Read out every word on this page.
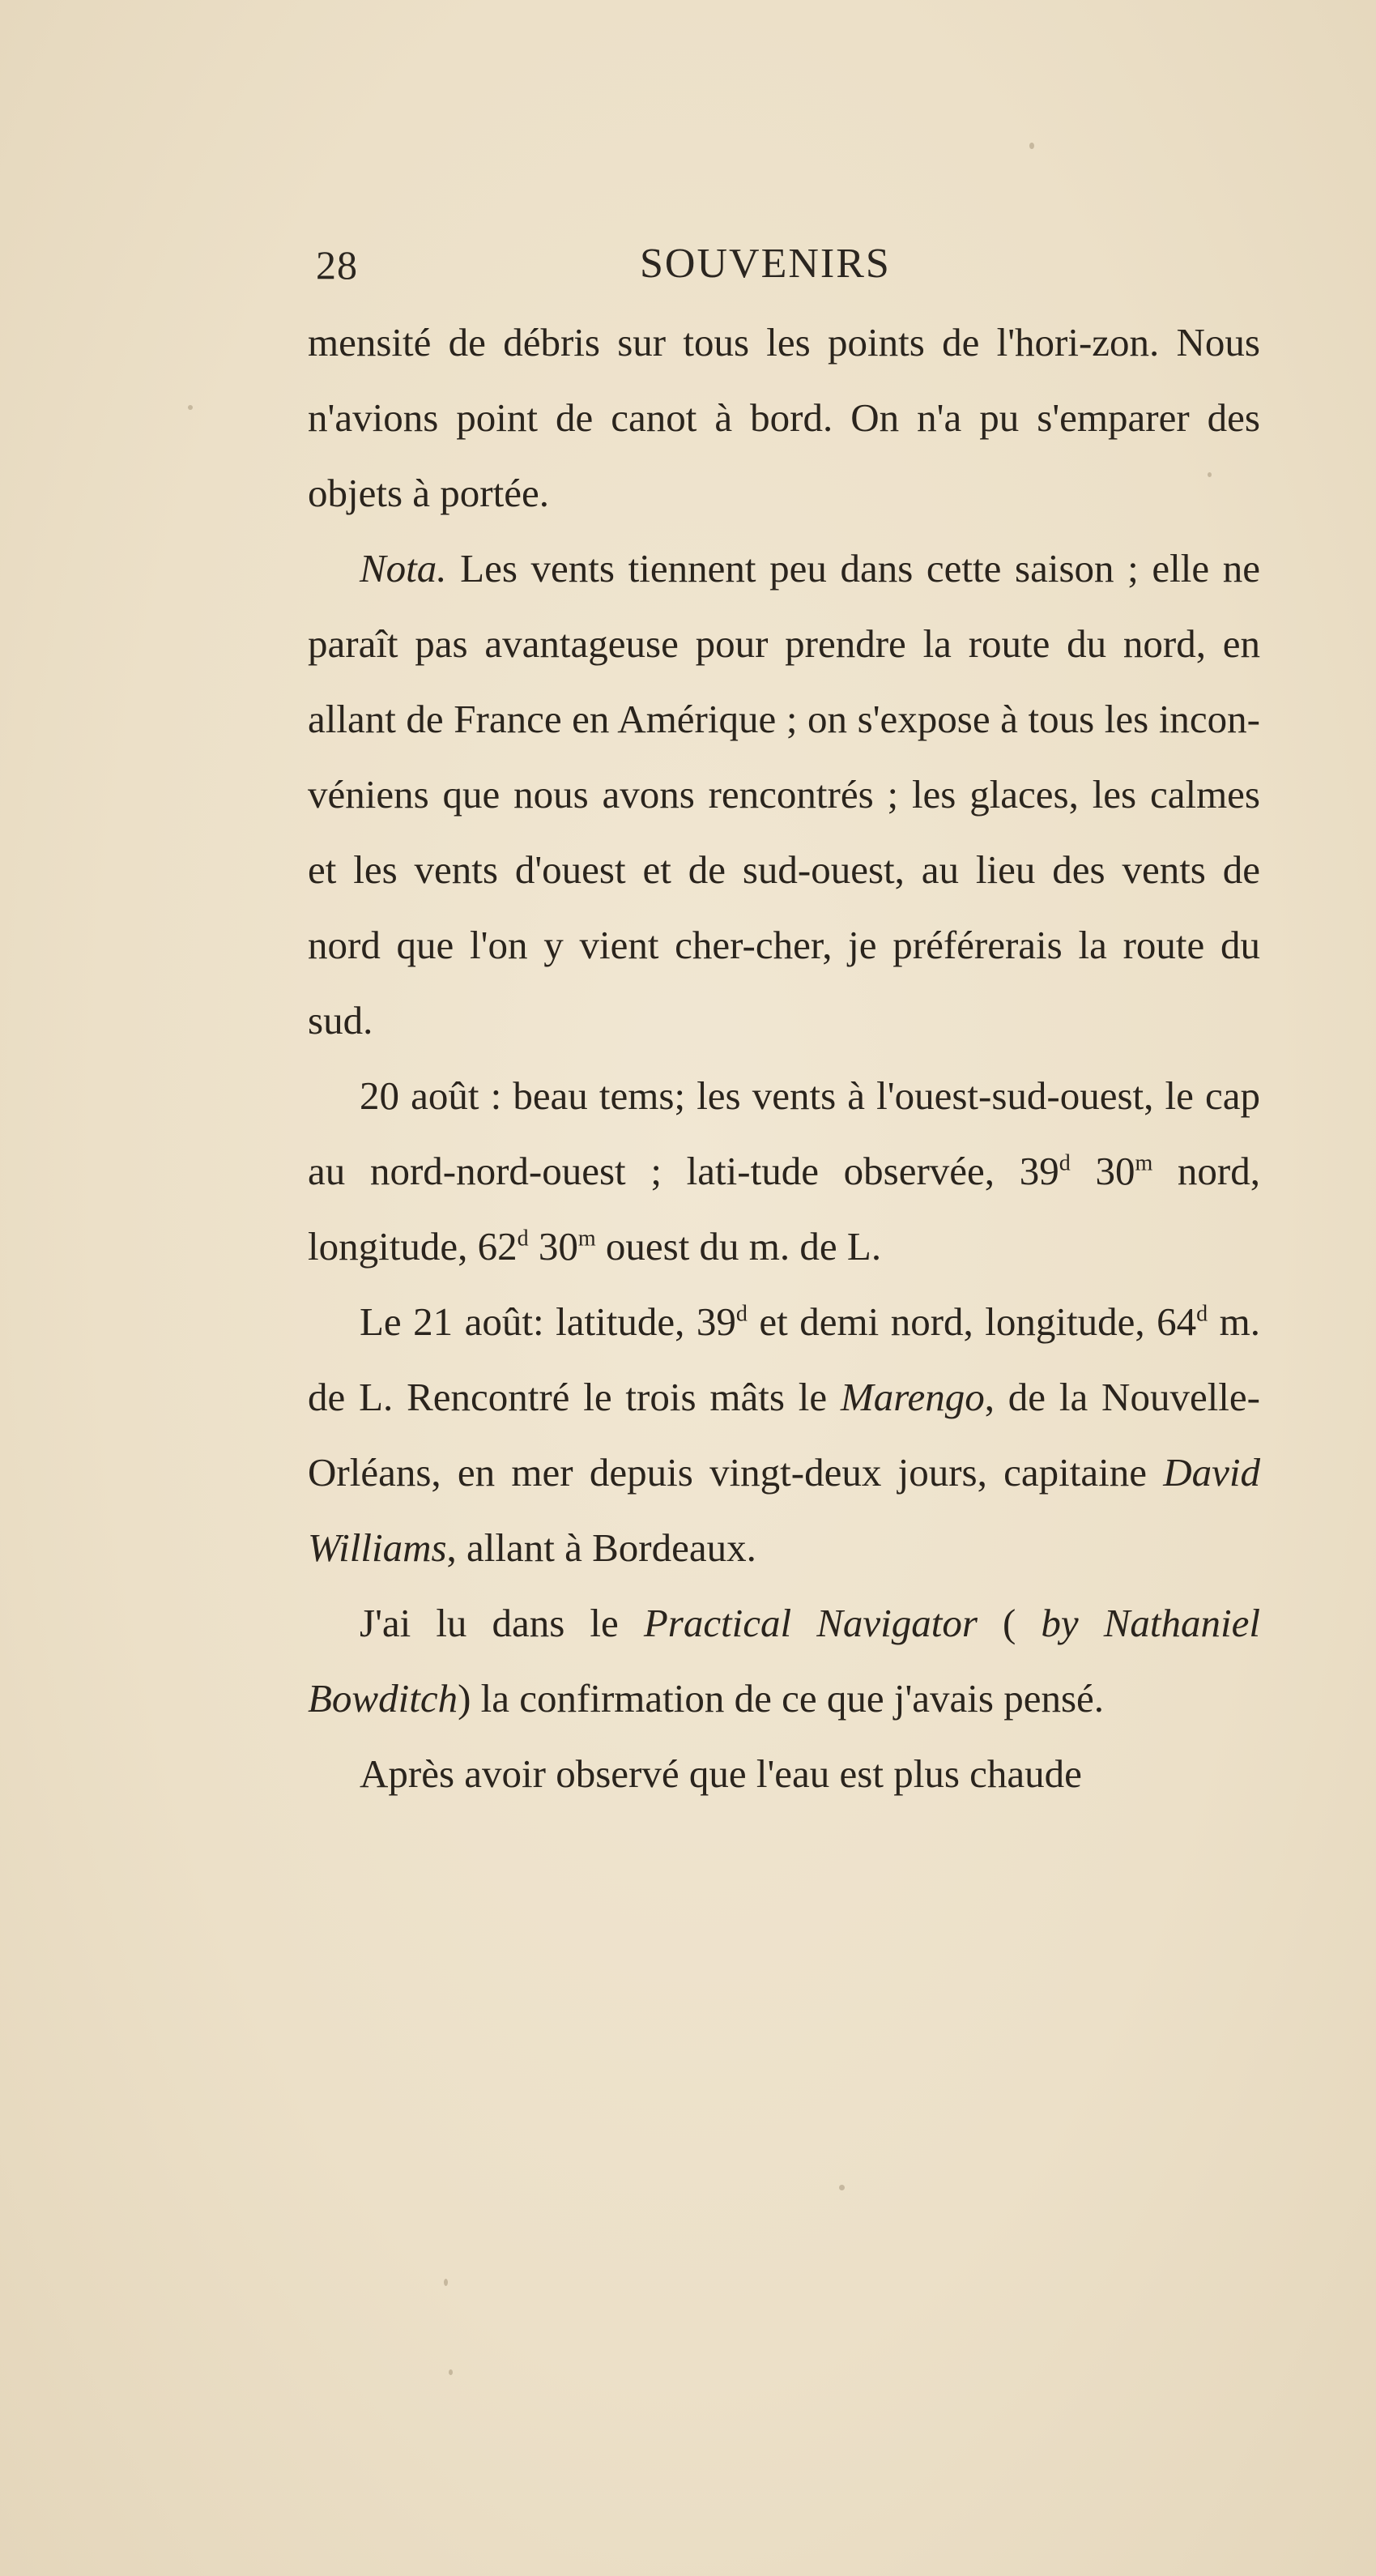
28	SOUVENIRS

mensité de débris sur tous les points de l'hori-zon. Nous n'avions point de canot à bord. On n'a pu s'emparer des objets à portée.

Nota. Les vents tiennent peu dans cette saison ; elle ne paraît pas avantageuse pour prendre la route du nord, en allant de France en Amérique ; on s'expose à tous les incon-véniens que nous avons rencontrés ; les glaces, les calmes et les vents d'ouest et de sud-ouest, au lieu des vents de nord que l'on y vient cher-cher, je préférerais la route du sud.

20 août : beau tems; les vents à l'ouest-sud-ouest, le cap au nord-nord-ouest ; lati-tude observée, 39$^d$ 30$^m$ nord, longitude, 62$^d$ 30$^m$ ouest du m. de L.

Le 21 août: latitude, 39$^d$ et demi nord, longitude, 64$^d$ m. de L. Rencontré le trois mâts le Marengo, de la Nouvelle-Orléans, en mer depuis vingt-deux jours, capitaine David Williams, allant à Bordeaux.

J'ai lu dans le Practical Navigator ( by Nathaniel Bowditch) la confirmation de ce que j'avais pensé.

Après avoir observé que l'eau est plus chaude
